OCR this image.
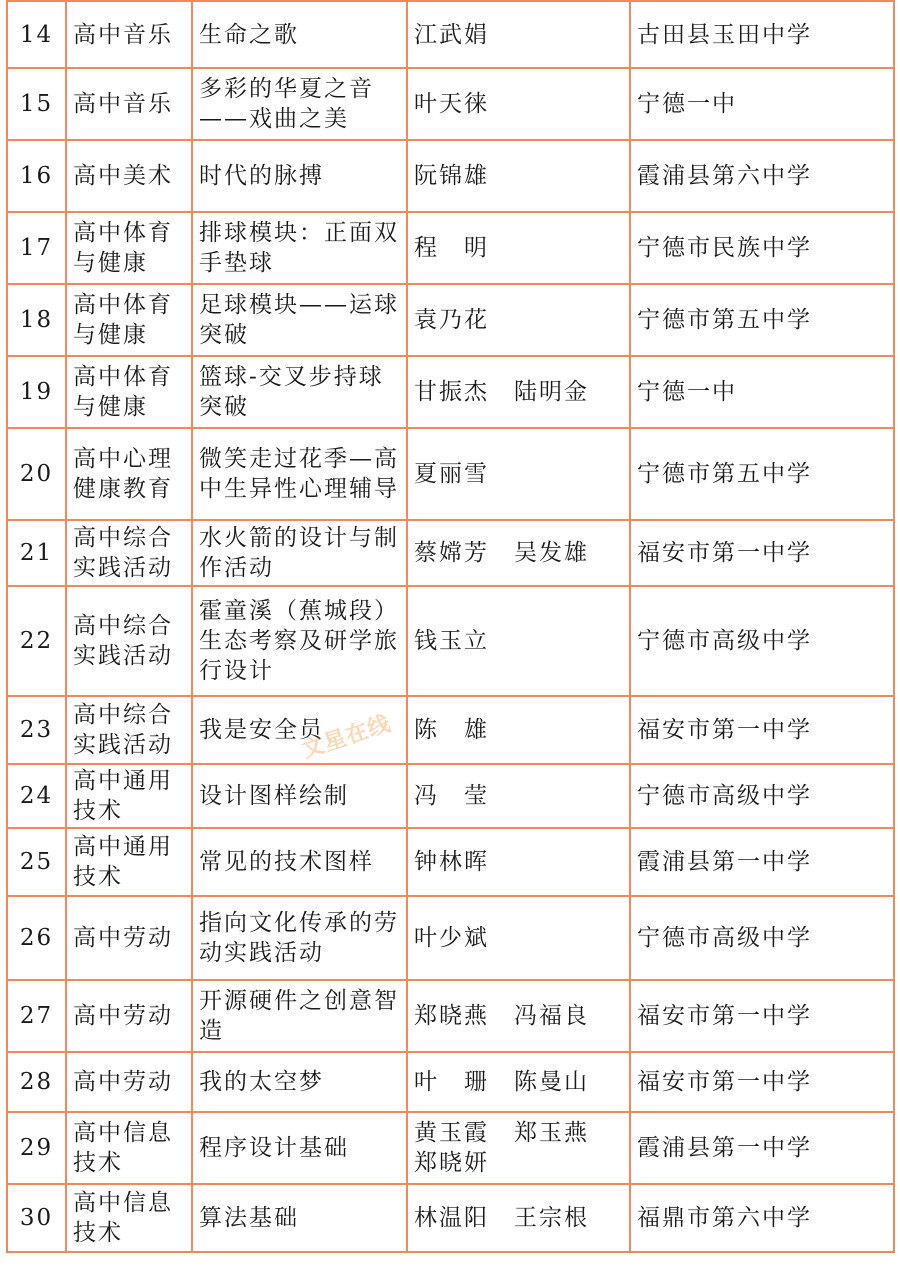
14	高中音乐	生命之歌	江武娟	古田县玉田中学
15	高中音乐	多彩的华夏之音
——戏曲之美	叶天徕	宁德一中
16	高中美术	时代的脉搏	阮锦雄	霞浦县第六中学
17	高中体育
与健康	排球模块：正面双
手垫球	程　明	宁德市民族中学
18	高中体育
与健康	足球模块——运球
突破	袁乃花	宁德市第五中学
19	高中体育
与健康	篮球-交叉步持球
突破	甘振杰　陆明金	宁德一中
20	高中心理
健康教育	微笑走过花季—高
中生异性心理辅导	夏丽雪	宁德市第五中学
21	高中综合
实践活动	水火箭的设计与制
作活动	蔡嫦芳　吴发雄	福安市第一中学
22	高中综合
实践活动	霍童溪（蕉城段）
生态考察及研学旅
行设计	钱玉立	宁德市高级中学
23	高中综合
实践活动	我是安全员	陈　雄	福安市第一中学
24	高中通用
技术	设计图样绘制	冯　莹	宁德市高级中学
25	高中通用
技术	常见的技术图样	钟林晖	霞浦县第一中学
26	高中劳动	指向文化传承的劳
动实践活动	叶少斌	宁德市高级中学
27	高中劳动	开源硬件之创意智
造	郑晓燕　冯福良	福安市第一中学
28	高中劳动	我的太空梦	叶　珊　陈曼山	福安市第一中学
29	高中信息
技术	程序设计基础	黄玉霞　郑玉燕
郑晓妍	霞浦县第一中学
30	高中信息
技术	算法基础	林温阳　王宗根	福鼎市第六中学
文星在线
